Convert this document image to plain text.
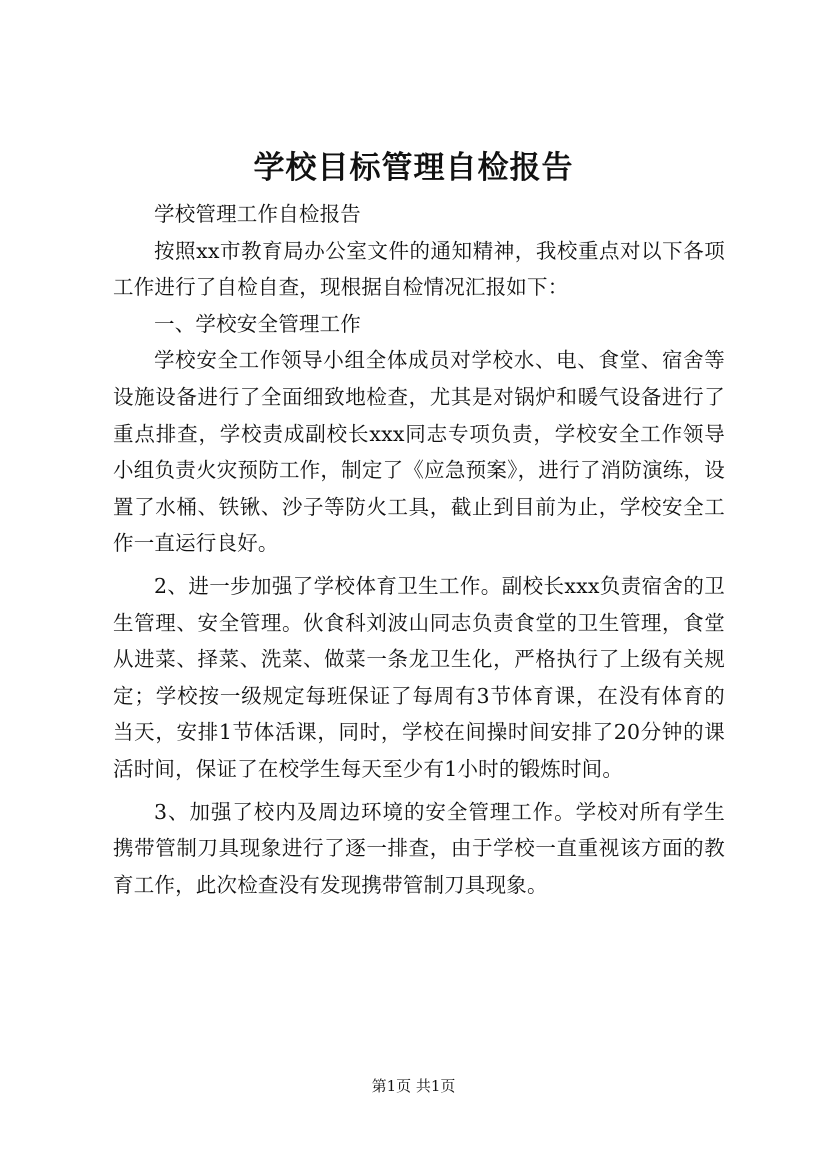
学校目标管理自检报告

学校管理工作自检报告

按照xx市教育局办公室文件的通知精神，我校重点对以下各项工作进行了自检自查，现根据自检情况汇报如下：

一、学校安全管理工作

学校安全工作领导小组全体成员对学校水、电、食堂、宿舍等设施设备进行了全面细致地检查，尤其是对锅炉和暖气设备进行了重点排查，学校责成副校长xxx同志专项负责，学校安全工作领导小组负责火灾预防工作，制定了《应急预案》，进行了消防演练，设置了水桶、铁锹、沙子等防火工具，截止到目前为止，学校安全工作一直运行良好。

2、进一步加强了学校体育卫生工作。副校长xxx负责宿舍的卫生管理、安全管理。伙食科刘波山同志负责食堂的卫生管理，食堂从进菜、择菜、洗菜、做菜一条龙卫生化，严格执行了上级有关规定；学校按一级规定每班保证了每周有3节体育课，在没有体育的当天，安排1节体活课，同时，学校在间操时间安排了20分钟的课活时间，保证了在校学生每天至少有1小时的锻炼时间。

3、加强了校内及周边环境的安全管理工作。学校对所有学生携带管制刀具现象进行了逐一排查，由于学校一直重视该方面的教育工作，此次检查没有发现携带管制刀具现象。

第1页 共1页
